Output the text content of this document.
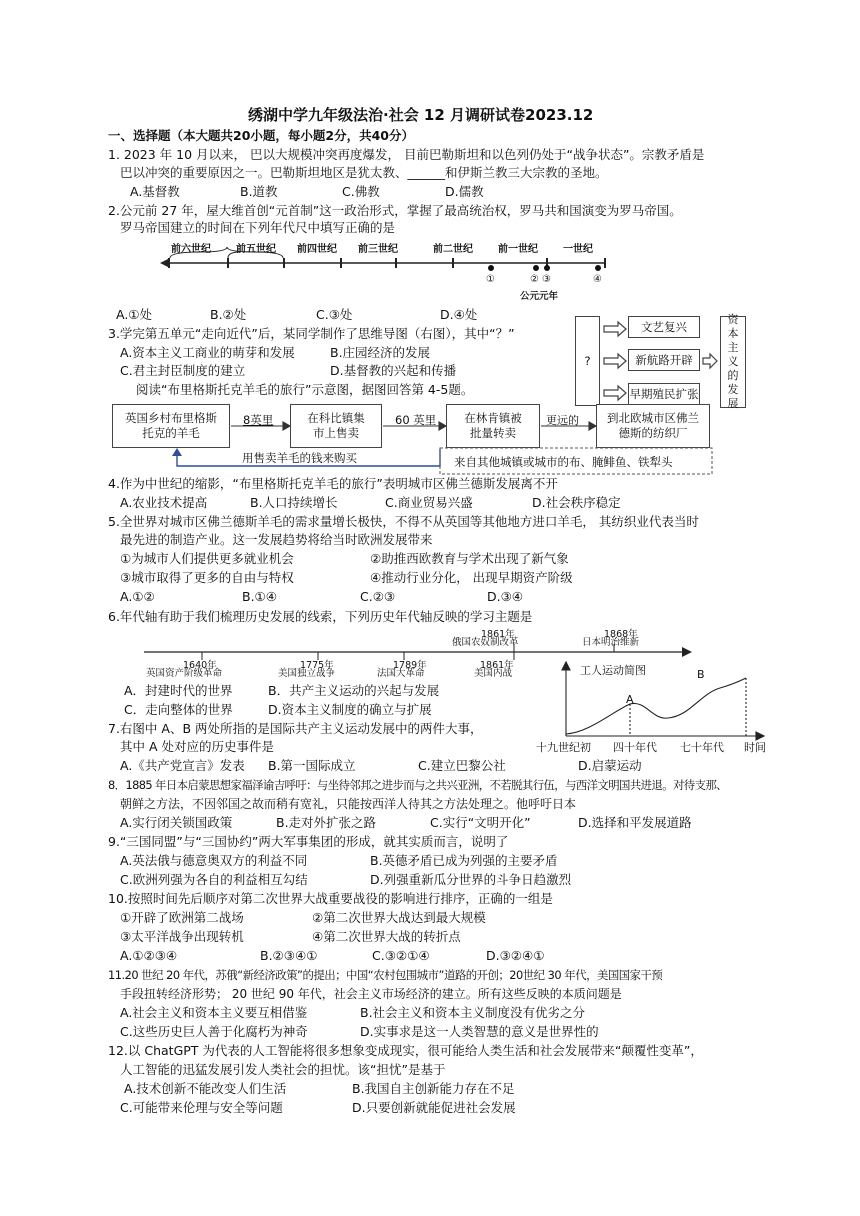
绣湖中学九年级法治·社会 12 月调研试卷2023.12
一、选择题（本大题共20小题，每小题2分，共40分）
1. 2023 年 10 月以来， 巴以大规模冲突再度爆发， 目前巴勒斯坦和以色列仍处于“战争状态”。宗教矛盾是
巴以冲突的重要原因之一。巴勒斯坦地区是犹太教、______和伊斯兰教三大宗教的圣地。
A.基督教	B.道教	C.佛教	D.儒教
2.公元前 27 年，屋大维首创“元首制”这一政治形式，掌握了最高统治权，罗马共和国演变为罗马帝国。
罗马帝国建立的时间在下列年代尺中填写正确的是
前六世纪	前五世纪 前四世纪 前三世纪	前二世纪	前一世纪	一世纪
①	② ③	④
公元元年
A.①处	B.②处	C.③处	D.④处
3.学完第五单元“走向近代”后，某同学制作了思维导图（右图），其中“？”
A.资本主义工商业的萌芽和发展	B.庄园经济的发展
C.君主封臣制度的建立	D.基督教的兴起和传播
?
文艺复兴
新航路开辟
早期殖民扩张
资本主义的发展
阅读“布里格斯托克羊毛的旅行”示意图，据图回答第 4-5题。
英国乡村布里格斯托克的羊毛
在科比镇集市上售卖
在林肯镇被批量转卖
到北欧城市区佛兰德斯的纺织厂
8英里	60 英里	更远的
用售卖羊毛的钱来购买	来自其他城镇或城市的布、腌鲱鱼、铁犁头
4.作为中世纪的缩影，“布里格斯托克羊毛的旅行”表明城市区佛兰德斯发展离不开
A.农业技术提高	B.人口持续增长	C.商业贸易兴盛	D.社会秩序稳定
5.全世界对城市区佛兰德斯羊毛的需求量增长极快，不得不从英国等其他地方进口羊毛， 其纺织业代表当时
最先进的制造产业。这一发展趋势将给当时欧洲发展带来
①为城市人们提供更多就业机会	②助推西欧教育与学术出现了新气象
③城市取得了更多的自由与特权	④推动行业分化， 出现早期资产阶级
A.①②	B.①④	C.②③	D.③④
6.年代轴有助于我们梳理历史发展的线索，下列历史年代轴反映的学习主题是
1640年
英国资产阶级革命
1775年
美国独立战争
1789年
法国大革命
1861年
美国内战
1861年
俄国农奴制改革
1868年
日本明治维新
A．封建时代的世界	B．共产主义运动的兴起与发展
C．走向整体的世界	D.资本主义制度的确立与扩展
工人运动简图
A
B
十九世纪初 四十年代 七十年代 时间
7.右图中 A、B 两处所指的是国际共产主义运动发展中的两件大事，
其中 A 处对应的历史事件是
A.《共产党宣言》发表 B.第一国际成立	C.建立巴黎公社	D.启蒙运动
8．1885 年日本启蒙思想家福泽谕吉呼吁：与坐待邻邦之进步而与之共兴亚洲，不若脱其行伍，与西洋文明国共进退。对待支那、
朝鲜之方法，不因邻国之故而稍有宽礼，只能按西洋人待其之方法处理之。他呼吁日本
A.实行闭关锁国政策	B.走对外扩张之路	C.实行“文明开化”	D.选择和平发展道路
9.“三国同盟”与“三国协约”两大军事集团的形成，就其实质而言，说明了
A.英法俄与德意奥双方的利益不同	B.英德矛盾已成为列强的主要矛盾
C.欧洲列强为各自的利益相互勾结	D.列强重新瓜分世界的斗争日趋激烈
10.按照时间先后顺序对第二次世界大战重要战役的影响进行排序，正确的一组是
①开辟了欧洲第二战场	②第二次世界大战达到最大规模
③太平洋战争出现转机	④第二次世界大战的转折点
A.①②③④	B.②③④①	C.③②①④	D.③②④①
11.20 世纪 20 年代，苏俄“新经济政策”的提出；中国“农村包围城市”道路的开创；20世纪 30 年代，美国国家干预
手段扭转经济形势； 20 世纪 90 年代，社会主义市场经济的建立。所有这些反映的本质问题是
A.社会主义和资本主义要互相借鉴	B.社会主义和资本主义制度没有优劣之分
C.这些历史巨人善于化腐朽为神奇	D.实事求是这一人类智慧的意义是世界性的
12.以 ChatGPT 为代表的人工智能将很多想象变成现实，很可能给人类生活和社会发展带来“颠覆性变革”，
人工智能的迅猛发展引发人类社会的担忧。该“担忧”是基于
A.技术创新不能改变人们生活	B.我国自主创新能力存在不足
C.可能带来伦理与安全等问题	D.只要创新就能促进社会发展
